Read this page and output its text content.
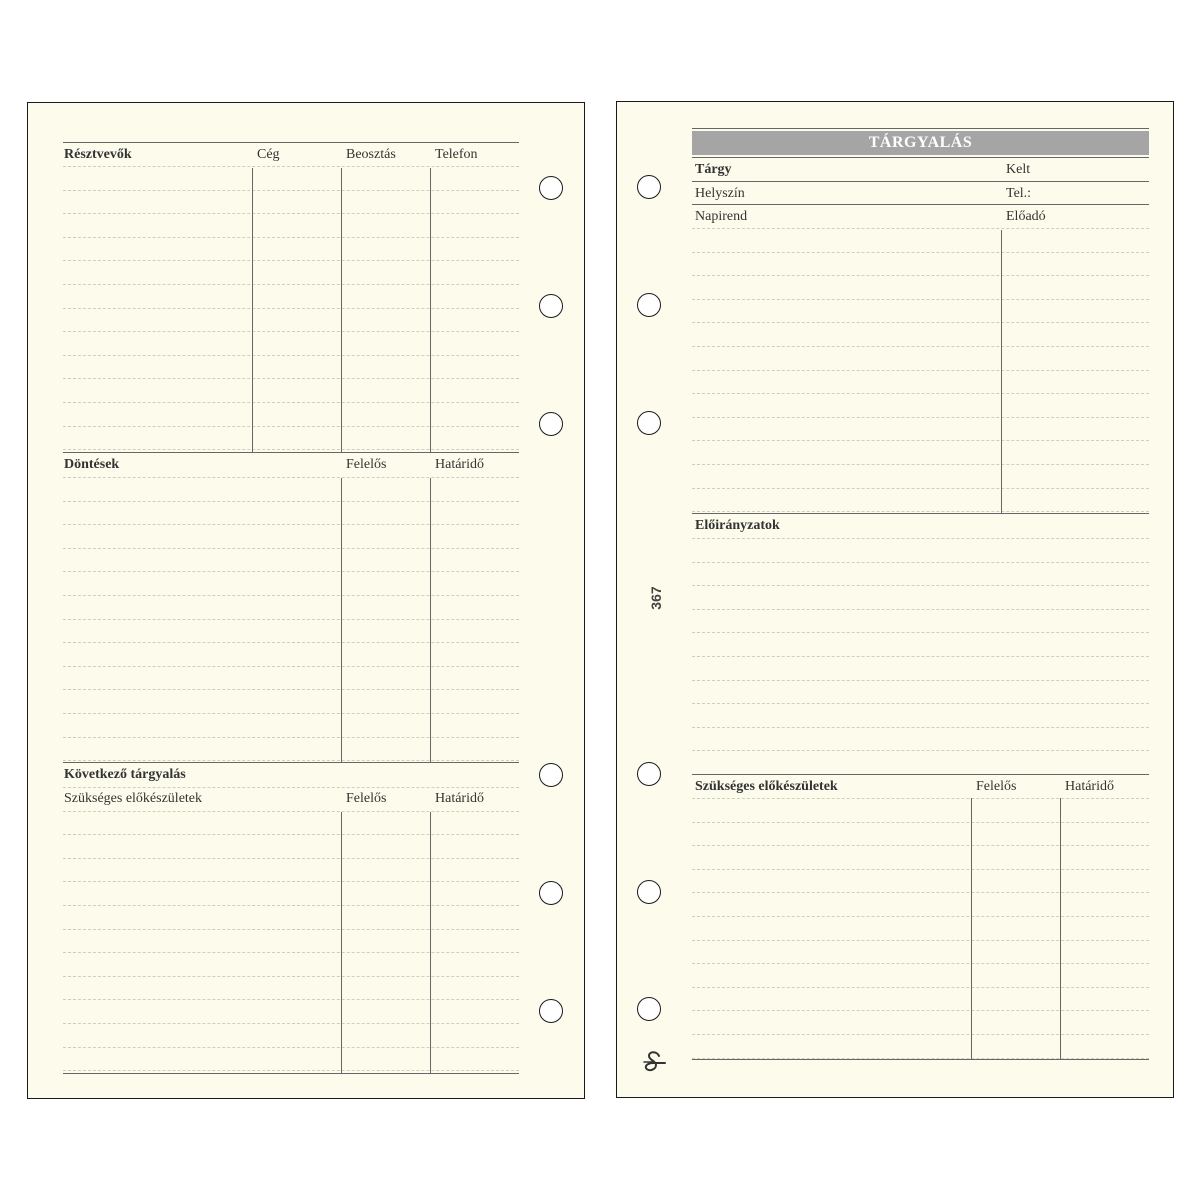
Résztvevők	Cég	Beosztás	Telefon
Döntések	Felelős	Határidő
Következő tárgyalás
Szükséges előkészületek	Felelős	Határidő
TÁRGYALÁS
Tárgy	Kelt
Helyszín	Tel.:
Napirend	Előadó
Előirányzatok
Szükséges előkészületek	Felelős	Határidő
367
